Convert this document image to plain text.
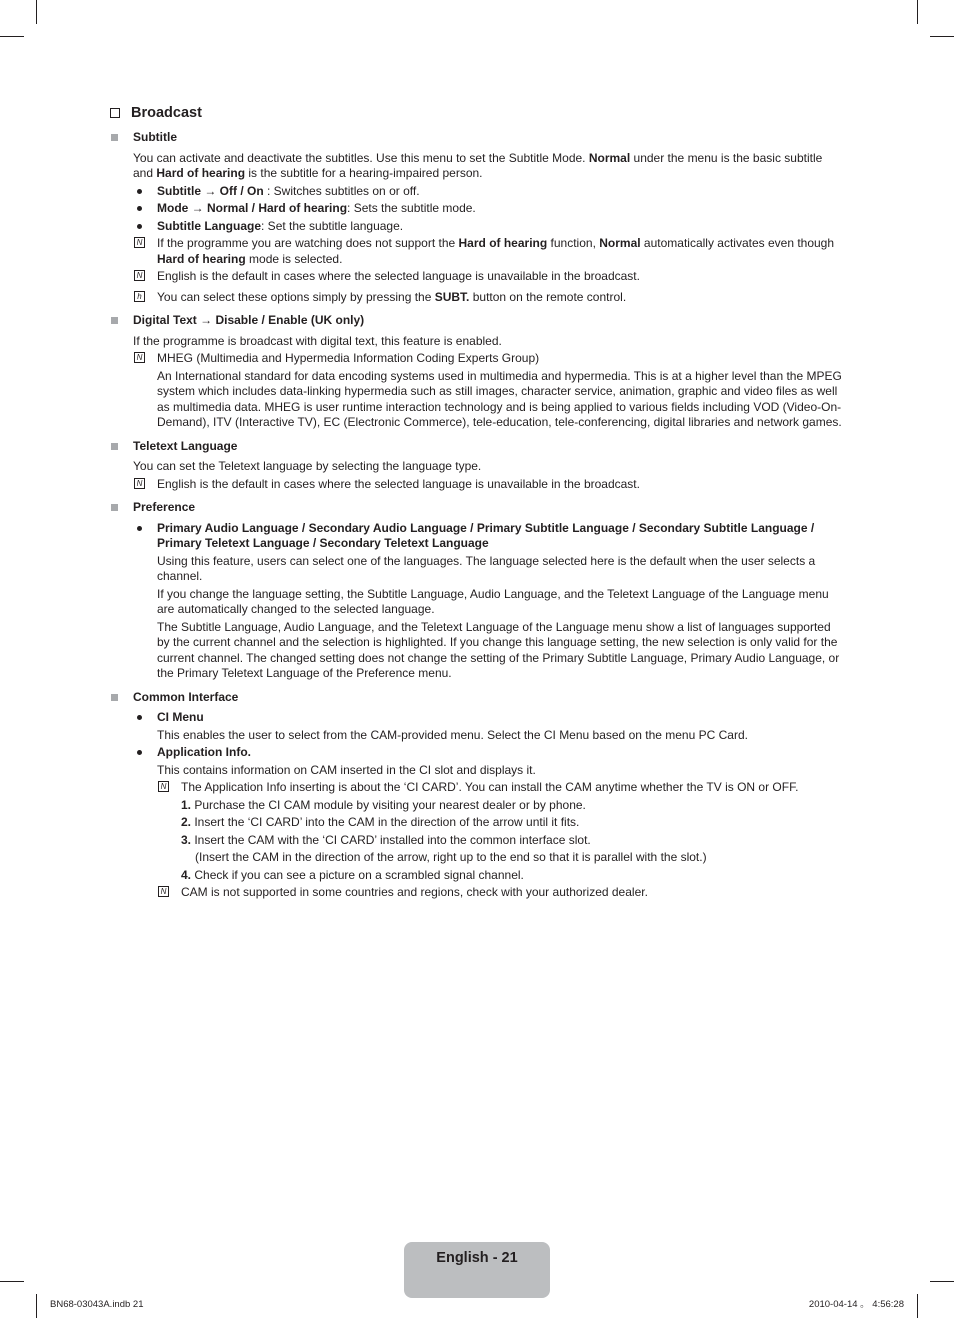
Broadcast
Subtitle
You can activate and deactivate the subtitles. Use this menu to set the Subtitle Mode. Normal under the menu is the basic subtitle and Hard of hearing is the subtitle for a hearing-impaired person.
Subtitle → Off / On : Switches subtitles on or off.
Mode → Normal / Hard of hearing: Sets the subtitle mode.
Subtitle Language: Set the subtitle language.
N If the programme you are watching does not support the Hard of hearing function, Normal automatically activates even though Hard of hearing mode is selected.
N English is the default in cases where the selected language is unavailable in the broadcast.
h You can select these options simply by pressing the SUBT. button on the remote control.
Digital Text → Disable / Enable (UK only)
If the programme is broadcast with digital text, this feature is enabled.
N MHEG (Multimedia and Hypermedia Information Coding Experts Group)
An International standard for data encoding systems used in multimedia and hypermedia. This is at a higher level than the MPEG system which includes data-linking hypermedia such as still images, character service, animation, graphic and video files as well as multimedia data. MHEG is user runtime interaction technology and is being applied to various fields including VOD (Video-On-Demand), ITV (Interactive TV), EC (Electronic Commerce), tele-education, tele-conferencing, digital libraries and network games.
Teletext Language
You can set the Teletext language by selecting the language type.
N English is the default in cases where the selected language is unavailable in the broadcast.
Preference
Primary Audio Language / Secondary Audio Language / Primary Subtitle Language / Secondary Subtitle Language / Primary Teletext Language / Secondary Teletext Language
Using this feature, users can select one of the languages. The language selected here is the default when the user selects a channel.
If you change the language setting, the Subtitle Language, Audio Language, and the Teletext Language of the Language menu are automatically changed to the selected language.
The Subtitle Language, Audio Language, and the Teletext Language of the Language menu show a list of languages supported by the current channel and the selection is highlighted. If you change this language setting, the new selection is only valid for the current channel. The changed setting does not change the setting of the Primary Subtitle Language, Primary Audio Language, or the Primary Teletext Language of the Preference menu.
Common Interface
CI Menu
This enables the user to select from the CAM-provided menu. Select the CI Menu based on the menu PC Card.
Application Info.
This contains information on CAM inserted in the CI slot and displays it.
N The Application Info inserting is about the ‘CI CARD’. You can install the CAM anytime whether the TV is ON or OFF.
1. Purchase the CI CAM module by visiting your nearest dealer or by phone.
2. Insert the ‘CI CARD’ into the CAM in the direction of the arrow until it fits.
3. Insert the CAM with the ‘CI CARD’ installed into the common interface slot.
(Insert the CAM in the direction of the arrow, right up to the end so that it is parallel with the slot.)
4. Check if you can see a picture on a scrambled signal channel.
N CAM is not supported in some countries and regions, check with your authorized dealer.
English - 21
BN68-03043A.indb 21	2010-04-14 。 4:56:28
